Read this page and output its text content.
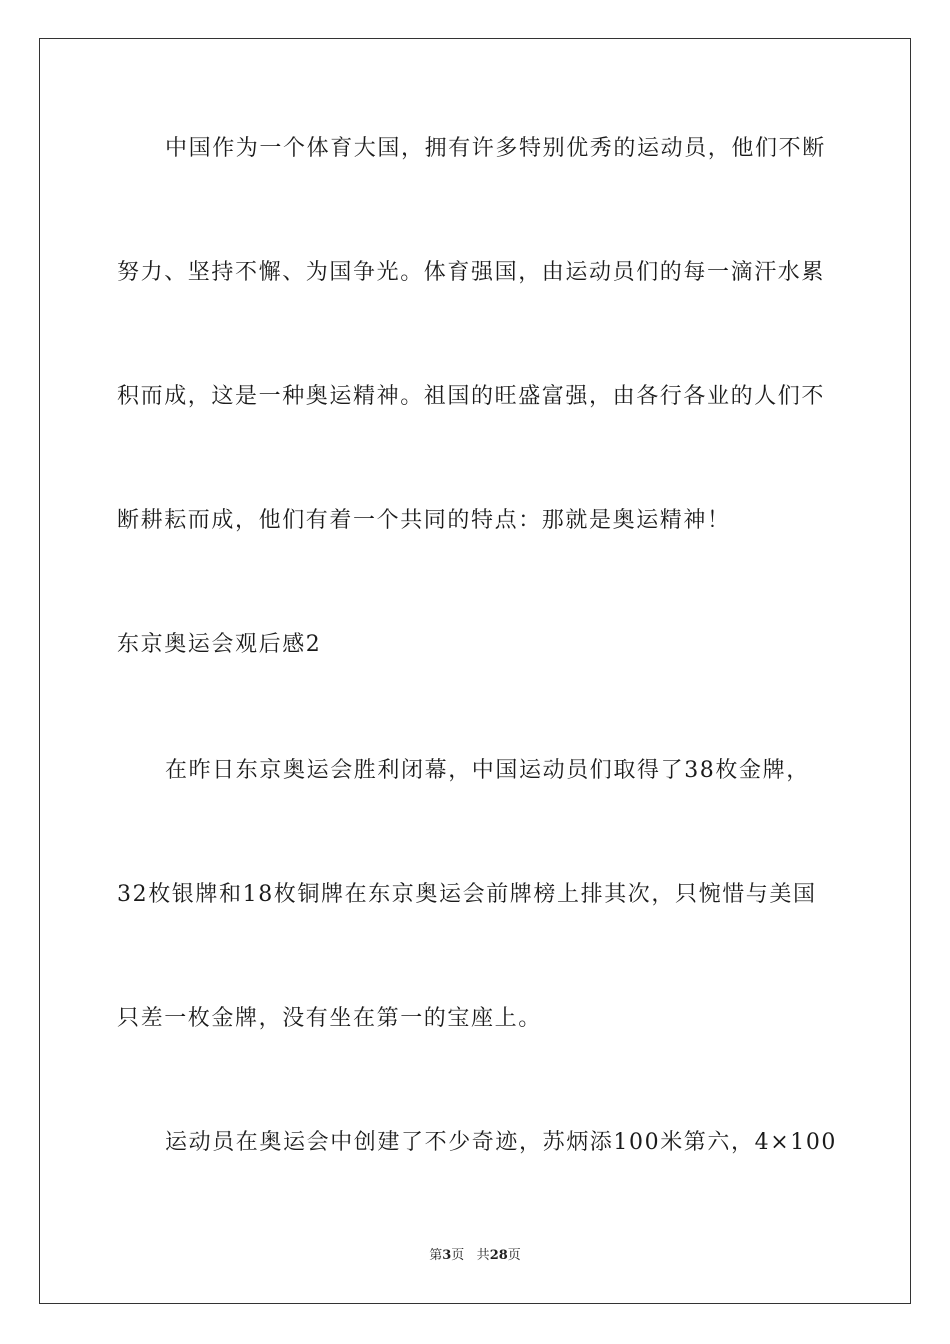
中国作为一个体育大国，拥有许多特别优秀的运动员，他们不断
努力、坚持不懈、为国争光。体育强国，由运动员们的每一滴汗水累
积而成，这是一种奥运精神。祖国的旺盛富强，由各行各业的人们不
断耕耘而成，他们有着一个共同的特点：那就是奥运精神！
东京奥运会观后感2
在昨日东京奥运会胜利闭幕，中国运动员们取得了38枚金牌，
32枚银牌和18枚铜牌在东京奥运会前牌榜上排其次，只惋惜与美国
只差一枚金牌，没有坐在第一的宝座上。
运动员在奥运会中创建了不少奇迹，苏炳添100米第六，4×100
第3页 共28页
